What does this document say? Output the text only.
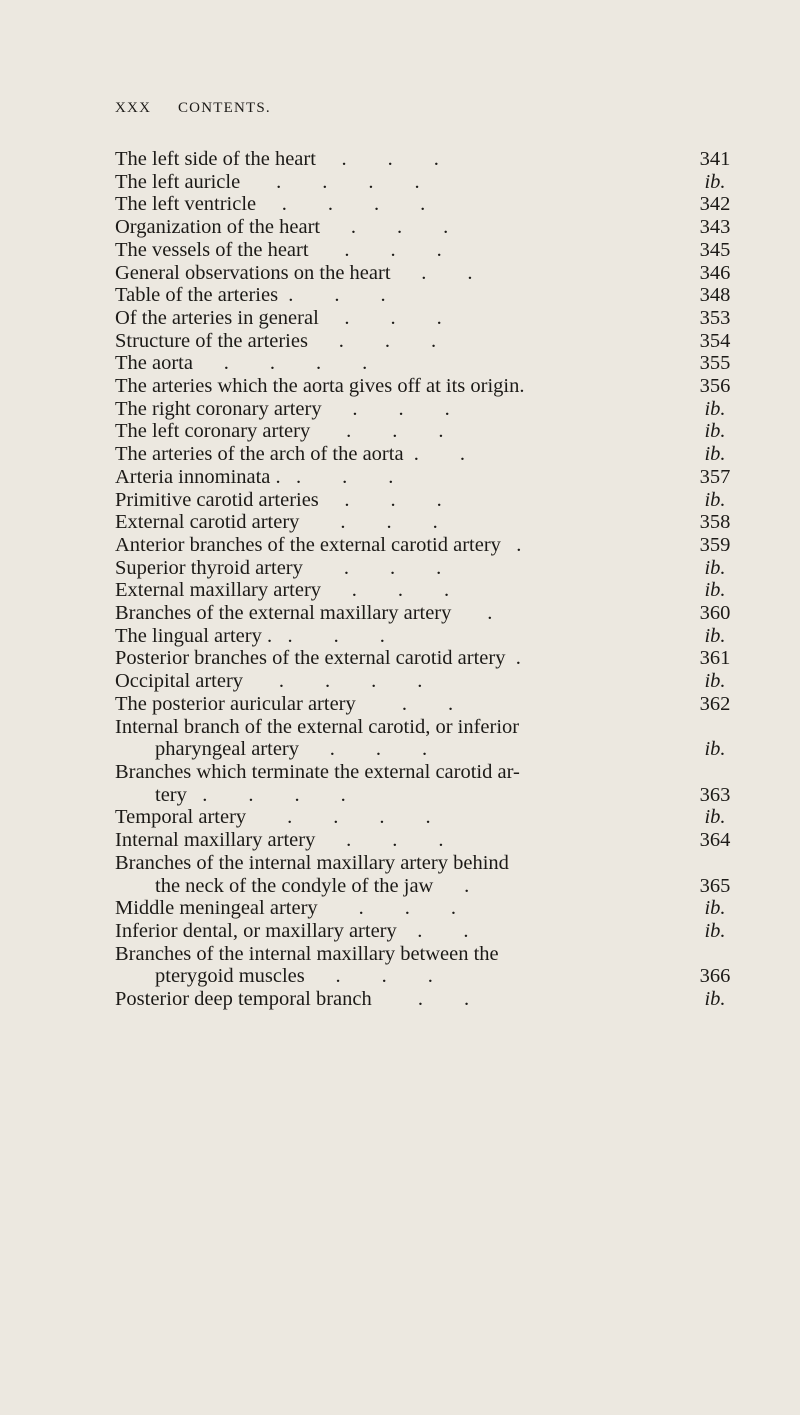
XXX CONTENTS.
The left side of the heart     .        .        .	341
The left auricle       .        .        .        .	ib.
The left ventricle     .        .        .        .	342
Organization of the heart      .        .        .	343
The vessels of the heart       .        .        .	345
General observations on the heart      .        .	346
Table of the arteries  .        .        .	348
Of the arteries in general     .        .        .	353
Structure of the arteries      .        .        .	354
The aorta      .        .        .        .	355
The arteries which the aorta gives off at its origin.	356
The right coronary artery      .        .        .	ib.
The left coronary artery       .        .        .	ib.
The arteries of the arch of the aorta  .        .	ib.
Arteria innominata .   .        .        .	357
Primitive carotid arteries     .        .        .	ib.
External carotid artery        .        .        .	358
Anterior branches of the external carotid artery   .	359
Superior thyroid artery        .        .        .	ib.
External maxillary artery      .        .        .	ib.
Branches of the external maxillary artery       .	360
The lingual artery .   .        .        .	ib.
Posterior branches of the external carotid artery  .	361
Occipital artery       .        .        .        .	ib.
The posterior auricular artery         .        .	362
Internal branch of the external carotid, or inferior
pharyngeal artery      .        .        .	ib.
Branches which terminate the external carotid ar-
tery   .        .        .        .	363
Temporal artery        .        .        .        .	ib.
Internal maxillary artery      .        .        .	364
Branches of the internal maxillary artery behind
the neck of the condyle of the jaw      .	365
Middle meningeal artery        .        .        .	ib.
Inferior dental, or maxillary artery    .        .	ib.
Branches of the internal maxillary between the
pterygoid muscles      .        .        .	366
Posterior deep temporal branch         .        .	ib.
